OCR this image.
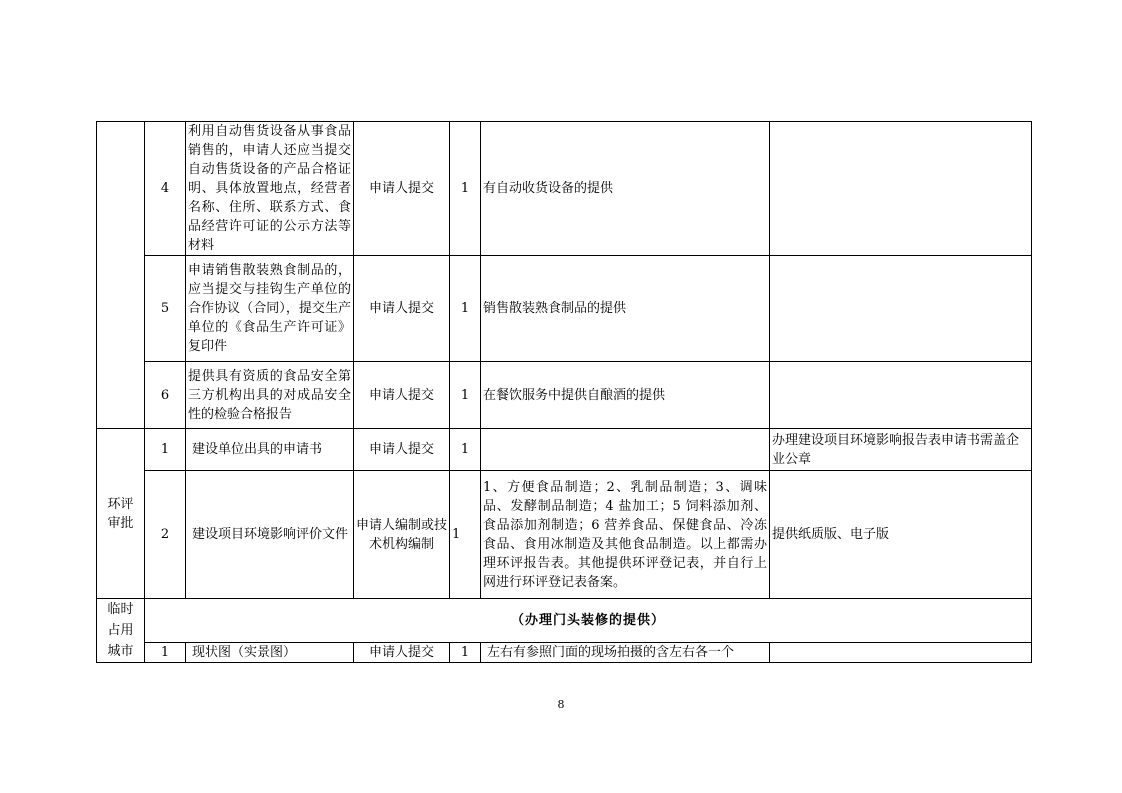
	4	利用自动售货设备从事食品销售的，申请人还应当提交自动售货设备的产品合格证明、具体放置地点，经营者名称、住所、联系方式、食品经营许可证的公示方法等材料	申请人提交	1	有自动收货设备的提供	
	5	申请销售散装熟食制品的，应当提交与挂钩生产单位的合作协议（合同），提交生产单位的《食品生产许可证》复印件	申请人提交	1	销售散装熟食制品的提供	
	6	提供具有资质的食品安全第三方机构出具的对成品安全性的检验合格报告	申请人提交	1	在餐饮服务中提供自酿酒的提供	

环评
审批	1	建设单位出具的申请书	申请人提交	1		办理建设项目环境影响报告表申请书需盖企业公章
	2	建设项目环境影响评价文件	申请人编制或技术机构编制	1	1、方便食品制造；2、乳制品制造；3、调味品、发酵制品制造；4 盐加工；5 饲料添加剂、食品添加剂制造；6 营养食品、保健食品、冷冻食品、食用冰制造及其他食品制造。以上都需办理环评报告表。其他提供环评登记表，并自行上网进行环评登记表备案。	提供纸质版、电子版

临时
占用
城市	（办理门头装修的提供）					
	1	现状图（实景图）	申请人提交	1	左右有参照门面的现场拍摄的含左右各一个	
8
